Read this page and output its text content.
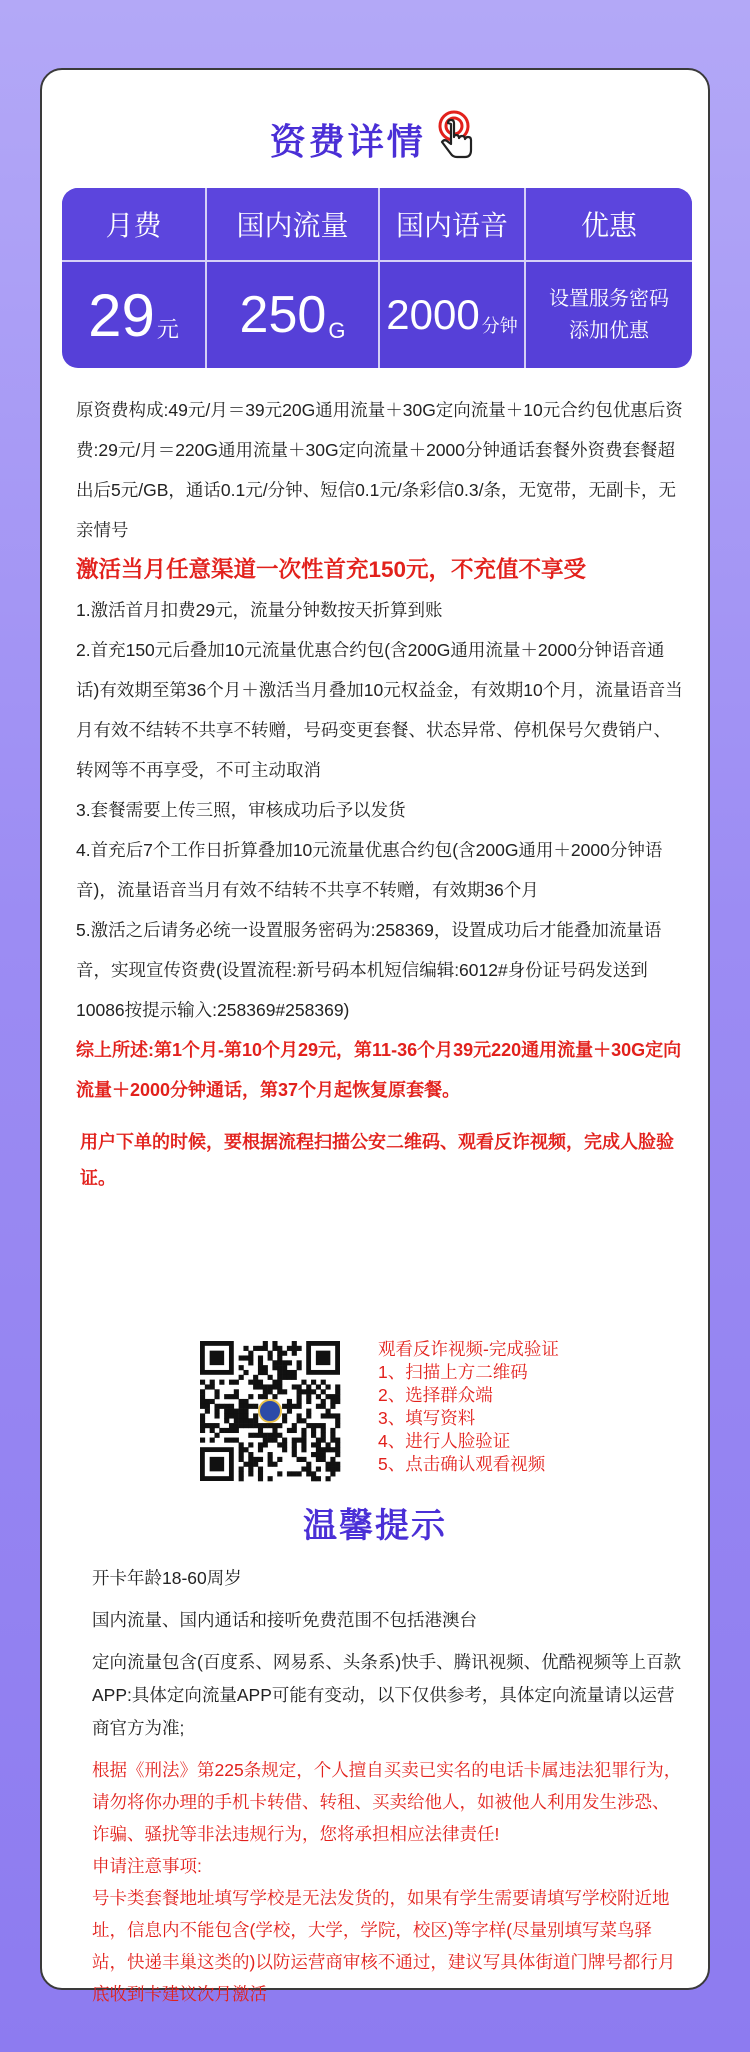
资费详情
月费	国内流量	国内语音	优惠
29 元 250 G 2000 分钟
设置服务密码
添加优惠
原资费构成:49元/月＝39元20G通用流量＋30G定向流量＋10元合约包优惠后资费:29元/月＝220G通用流量＋30G定向流量＋2000分钟通话套餐外资费套餐超出后5元/GB，通话0.1元/分钟、短信0.1元/条彩信0.3/条，无宽带，无副卡，无亲情号
激活当月任意渠道一次性首充150元，不充值不享受
1.激活首月扣费29元，流量分钟数按天折算到账
2.首充150元后叠加10元流量优惠合约包(含200G通用流量＋2000分钟语音通话)有效期至第36个月＋激活当月叠加10元权益金，有效期10个月，流量语音当月有效不结转不共享不转赠，号码变更套餐、状态异常、停机保号欠费销户、转网等不再享受，不可主动取消
3.套餐需要上传三照，审核成功后予以发货
4.首充后7个工作日折算叠加10元流量优惠合约包(含200G通用＋2000分钟语音)，流量语音当月有效不结转不共享不转赠，有效期36个月
5.激活之后请务必统一设置服务密码为:258369，设置成功后才能叠加流量语音，实现宣传资费(设置流程:新号码本机短信编辑:6012#身份证号码发送到10086按提示输入:258369#258369)
综上所述:第1个月-第10个月29元，第11-36个月39元220通用流量＋30G定向流量＋2000分钟通话，第37个月起恢复原套餐。
用户下单的时候，要根据流程扫描公安二维码、观看反诈视频，完成人脸验证。
观看反诈视频-完成验证
1、扫描上方二维码
2、选择群众端
3、填写资料
4、进行人脸验证
5、点击确认观看视频
温馨提示
开卡年龄18-60周岁
国内流量、国内通话和接听免费范围不包括港澳台
定向流量包含(百度系、网易系、头条系)快手、腾讯视频、优酷视频等上百款APP:具体定向流量APP可能有变动，以下仅供参考，具体定向流量请以运营商官方为准;
根据《刑法》第225条规定，个人擅自买卖已实名的电话卡属违法犯罪行为，请勿将你办理的手机卡转借、转租、买卖给他人，如被他人利用发生涉恐、诈骗、骚扰等非法违规行为，您将承担相应法律责任!
申请注意事项:
号卡类套餐地址填写学校是无法发货的，如果有学生需要请填写学校附近地址，信息内不能包含(学校，大学，学院，校区)等字样(尽量别填写菜鸟驿站，快递丰巢这类的)以防运营商审核不通过，建议写具体街道门牌号都行月底收到卡建议次月激活
